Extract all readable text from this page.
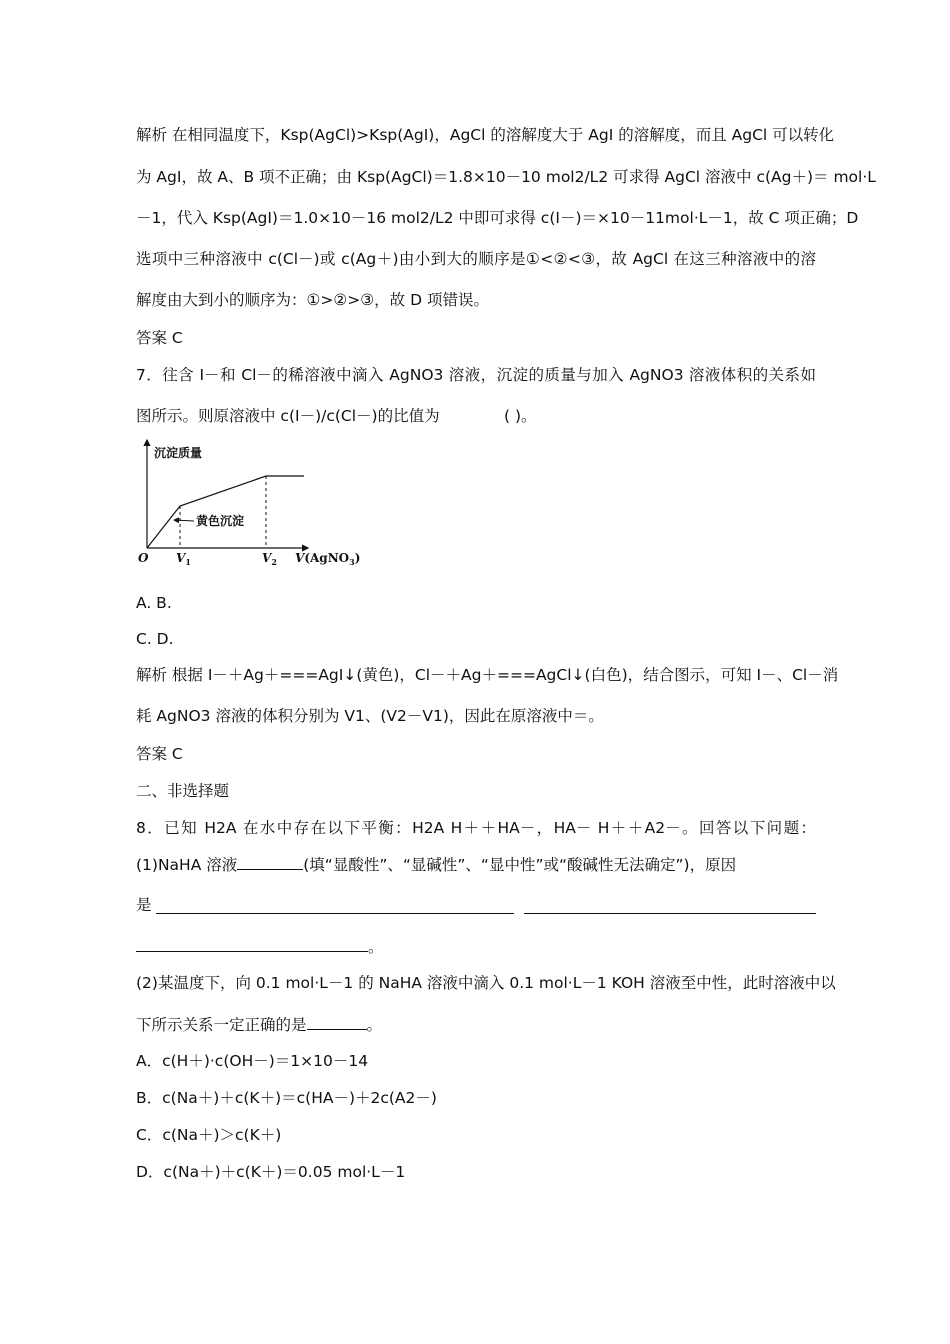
解析 在相同温度下，Ksp(AgCl)>Ksp(AgI)，AgCl 的溶解度大于 AgI 的溶解度，而且 AgCl 可以转化
为 AgI，故 A、B 项不正确；由 Ksp(AgCl)＝1.8×10－10 mol2/L2 可求得 AgCl 溶液中 c(Ag＋)＝ mol·L
－1，代入 Ksp(AgI)＝1.0×10－16 mol2/L2 中即可求得 c(I－)＝×10－11mol·L－1，故 C 项正确；D
选项中三种溶液中 c(Cl－)或 c(Ag＋)由小到大的顺序是①<②<③，故 AgCl 在这三种溶液中的溶
解度由大到小的顺序为：①>②>③，故 D 项错误。
答案 C
7．往含 I－和 Cl－的稀溶液中滴入 AgNO3 溶液，沉淀的质量与加入 AgNO3 溶液体积的关系如
图所示。则原溶液中 c(I－)/c(Cl－)的比值为	( )。
沉淀质量
黄色沉淀
O $V_1$	$V_2$ V(AgNO$_3$)
A. B.
C. D.
解析 根据 I－＋Ag＋===AgI↓(黄色)，Cl－＋Ag＋===AgCl↓(白色)，结合图示，可知 I－、Cl－消
耗 AgNO3 溶液的体积分别为 V1、(V2－V1)，因此在原溶液中＝。
答案 C
二、非选择题
8．已知 H2A 在水中存在以下平衡：H2A H＋＋HA－，HA－ H＋＋A2－。回答以下问题：
(1)NaHA 溶液	(填“显酸性”、“显碱性”、“显中性”或“酸碱性无法确定”)，原因
是
。
(2)某温度下，向 0.1 mol·L－1 的 NaHA 溶液中滴入 0.1 mol·L－1 KOH 溶液至中性，此时溶液中以
下所示关系一定正确的是	。
A．c(H＋)·c(OH－)＝1×10－14
B．c(Na＋)＋c(K＋)＝c(HA－)＋2c(A2－)
C．c(Na＋)＞c(K＋)
D．c(Na＋)＋c(K＋)＝0.05 mol·L－1
